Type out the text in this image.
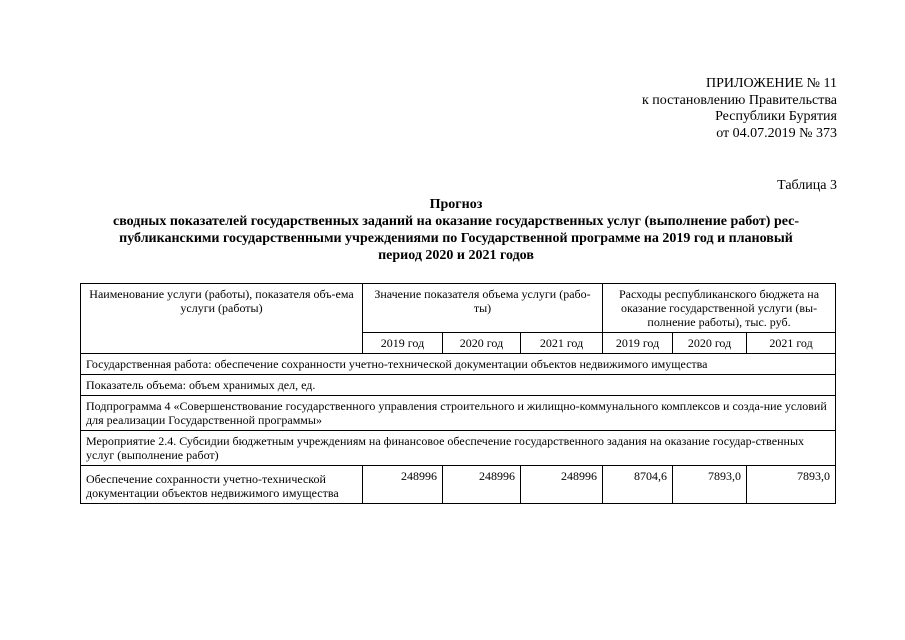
ПРИЛОЖЕНИЕ № 11
к постановлению Правительства
Республики Бурятия
от 04.07.2019 № 373
Таблица 3
Прогноз
сводных показателей государственных заданий на оказание государственных услуг (выполнение работ) рес-
публиканскими государственными учреждениями по Государственной программе на 2019 год и плановый
период 2020 и 2021 годов
Наименование услуги (работы), показателя объ-ема услуги (работы)	Значение показателя объема услуги (рабо-ты)			Расходы республиканского бюджета на оказание государственной услуги (вы-полнение работы), тыс. руб.		
	2019 год	2020 год	2021 год	2019 год	2020 год	2021 год
Государственная работа: обеспечение сохранности учетно-технической документации объектов недвижимого имущества						
Показатель объема: объем хранимых дел, ед.						
Подпрограмма 4 «Совершенствование государственного управления строительного и жилищно-коммунального комплексов и созда-ние условий для реализации Государственной программы»						
Мероприятие 2.4. Субсидии бюджетным учреждениям на финансовое обеспечение государственного задания на оказание государ-ственных услуг (выполнение работ)						
Обеспечение сохранности учетно-технической документации объектов недвижимого имущества	248996	248996	248996	8704,6	7893,0	7893,0
